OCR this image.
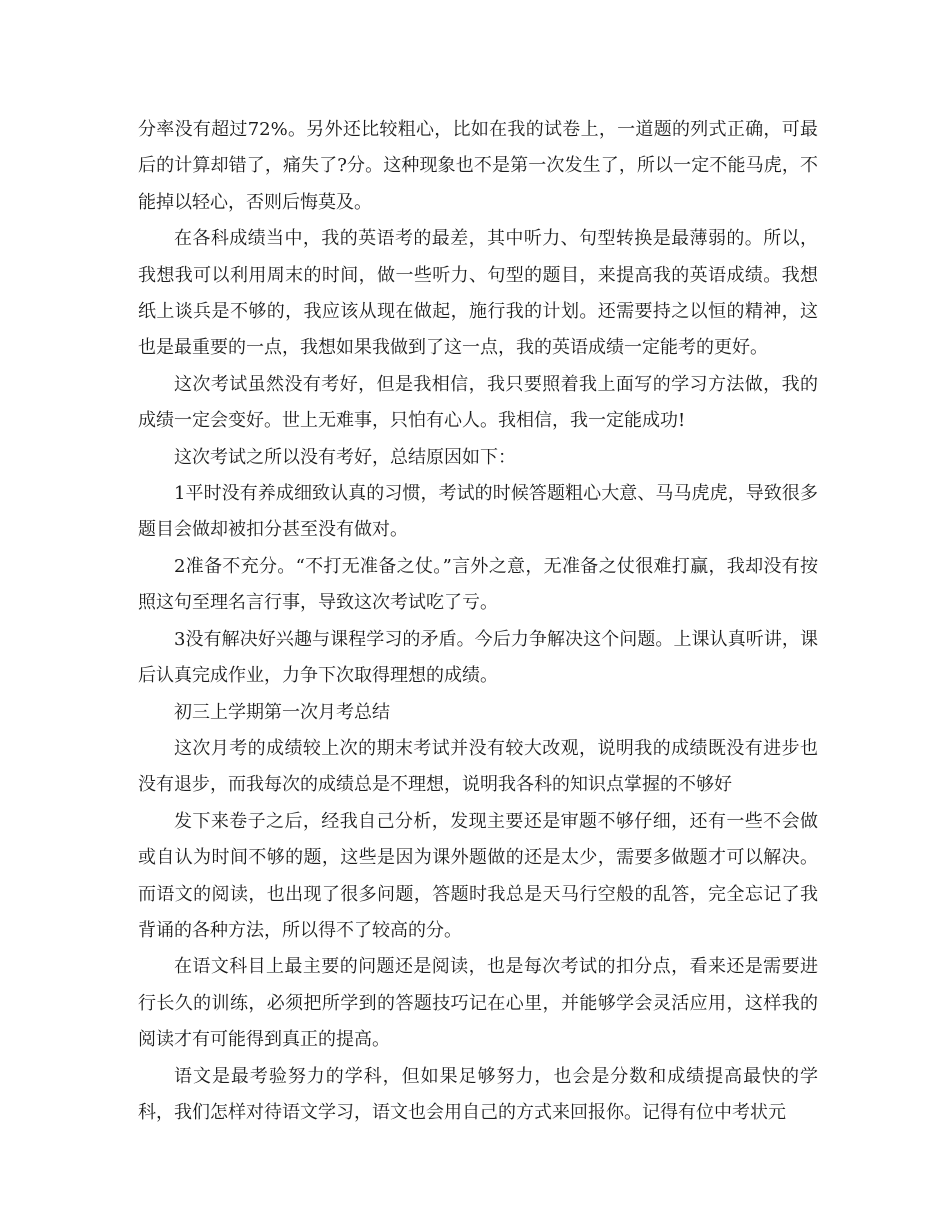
分率没有超过72%。另外还比较粗心，比如在我的试卷上，一道题的列式正确，可最后的计算却错了，痛失了?分。这种现象也不是第一次发生了，所以一定不能马虎，不能掉以轻心，否则后悔莫及。

在各科成绩当中，我的英语考的最差，其中听力、句型转换是最薄弱的。所以，我想我可以利用周末的时间，做一些听力、句型的题目，来提高我的英语成绩。我想纸上谈兵是不够的，我应该从现在做起，施行我的计划。还需要持之以恒的精神，这也是最重要的一点，我想如果我做到了这一点，我的英语成绩一定能考的更好。

这次考试虽然没有考好，但是我相信，我只要照着我上面写的学习方法做，我的成绩一定会变好。世上无难事，只怕有心人。我相信，我一定能成功!

这次考试之所以没有考好，总结原因如下：

1平时没有养成细致认真的习惯，考试的时候答题粗心大意、马马虎虎，导致很多题目会做却被扣分甚至没有做对。

2准备不充分。“不打无准备之仗。”言外之意，无准备之仗很难打赢，我却没有按照这句至理名言行事，导致这次考试吃了亏。

3没有解决好兴趣与课程学习的矛盾。今后力争解决这个问题。上课认真听讲，课后认真完成作业，力争下次取得理想的成绩。

初三上学期第一次月考总结

这次月考的成绩较上次的期末考试并没有较大改观，说明我的成绩既没有进步也没有退步，而我每次的成绩总是不理想，说明我各科的知识点掌握的不够好

发下来卷子之后，经我自己分析，发现主要还是审题不够仔细，还有一些不会做或自认为时间不够的题，这些是因为课外题做的还是太少，需要多做题才可以解决。而语文的阅读，也出现了很多问题，答题时我总是天马行空般的乱答，完全忘记了我背诵的各种方法，所以得不了较高的分。

在语文科目上最主要的问题还是阅读，也是每次考试的扣分点，看来还是需要进行长久的训练，必须把所学到的答题技巧记在心里，并能够学会灵活应用，这样我的阅读才有可能得到真正的提高。

语文是最考验努力的学科，但如果足够努力，也会是分数和成绩提高最快的学科，我们怎样对待语文学习，语文也会用自己的方式来回报你。记得有位中考状元
